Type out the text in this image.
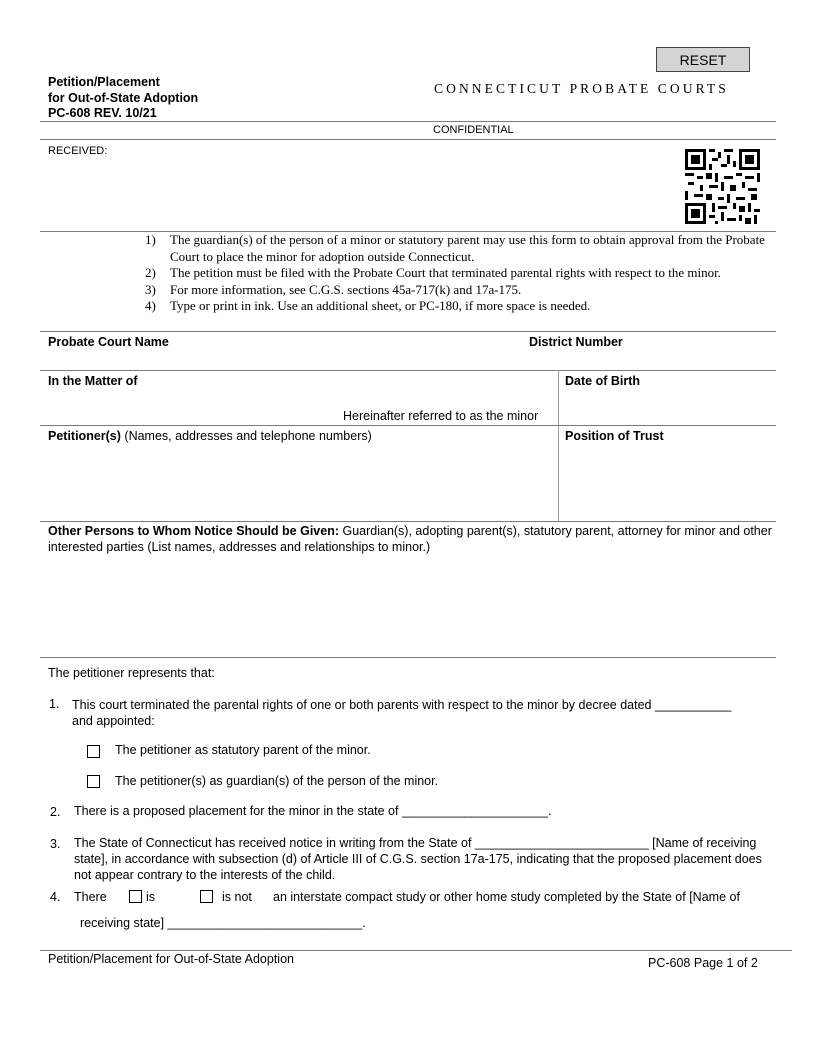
RESET
Petition/Placement
for Out-of-State Adoption
PC-608 REV. 10/21
CONNECTICUT PROBATE COURTS
CONFIDENTIAL
RECEIVED:
1) The guardian(s) of the person of a minor or statutory parent may use this form to obtain approval from the Probate Court to place the minor for adoption outside Connecticut.
2) The petition must be filed with the Probate Court that terminated parental rights with respect to the minor.
3) For more information, see C.G.S. sections 45a-717(k) and 17a-175.
4) Type or print in ink. Use an additional sheet, or PC-180, if more space is needed.
Probate Court Name	District Number
In the Matter of
Hereinafter referred to as the minor
Date of Birth
Petitioner(s) (Names, addresses and telephone numbers)	Position of Trust
Other Persons to Whom Notice Should be Given: Guardian(s), adopting parent(s), statutory parent, attorney for minor and other interested parties (List names, addresses and relationships to minor.)
The petitioner represents that:
1. This court terminated the parental rights of one or both parents with respect to the minor by decree dated ___________
and appointed:
The petitioner as statutory parent of the minor.
The petitioner(s) as guardian(s) of the person of the minor.
2. There is a proposed placement for the minor in the state of _____________________.
3. The State of Connecticut has received notice in writing from the State of _________________________ [Name of receiving state], in accordance with subsection (d) of Article III of C.G.S. section 17a-175, indicating that the proposed placement does not appear contrary to the interests of the child.
4. There	is	is not an interstate compact study or other home study completed by the State of [Name of
receiving state] ____________________________.
Petition/Placement for Out-of-State Adoption	PC-608 Page 1 of 2
